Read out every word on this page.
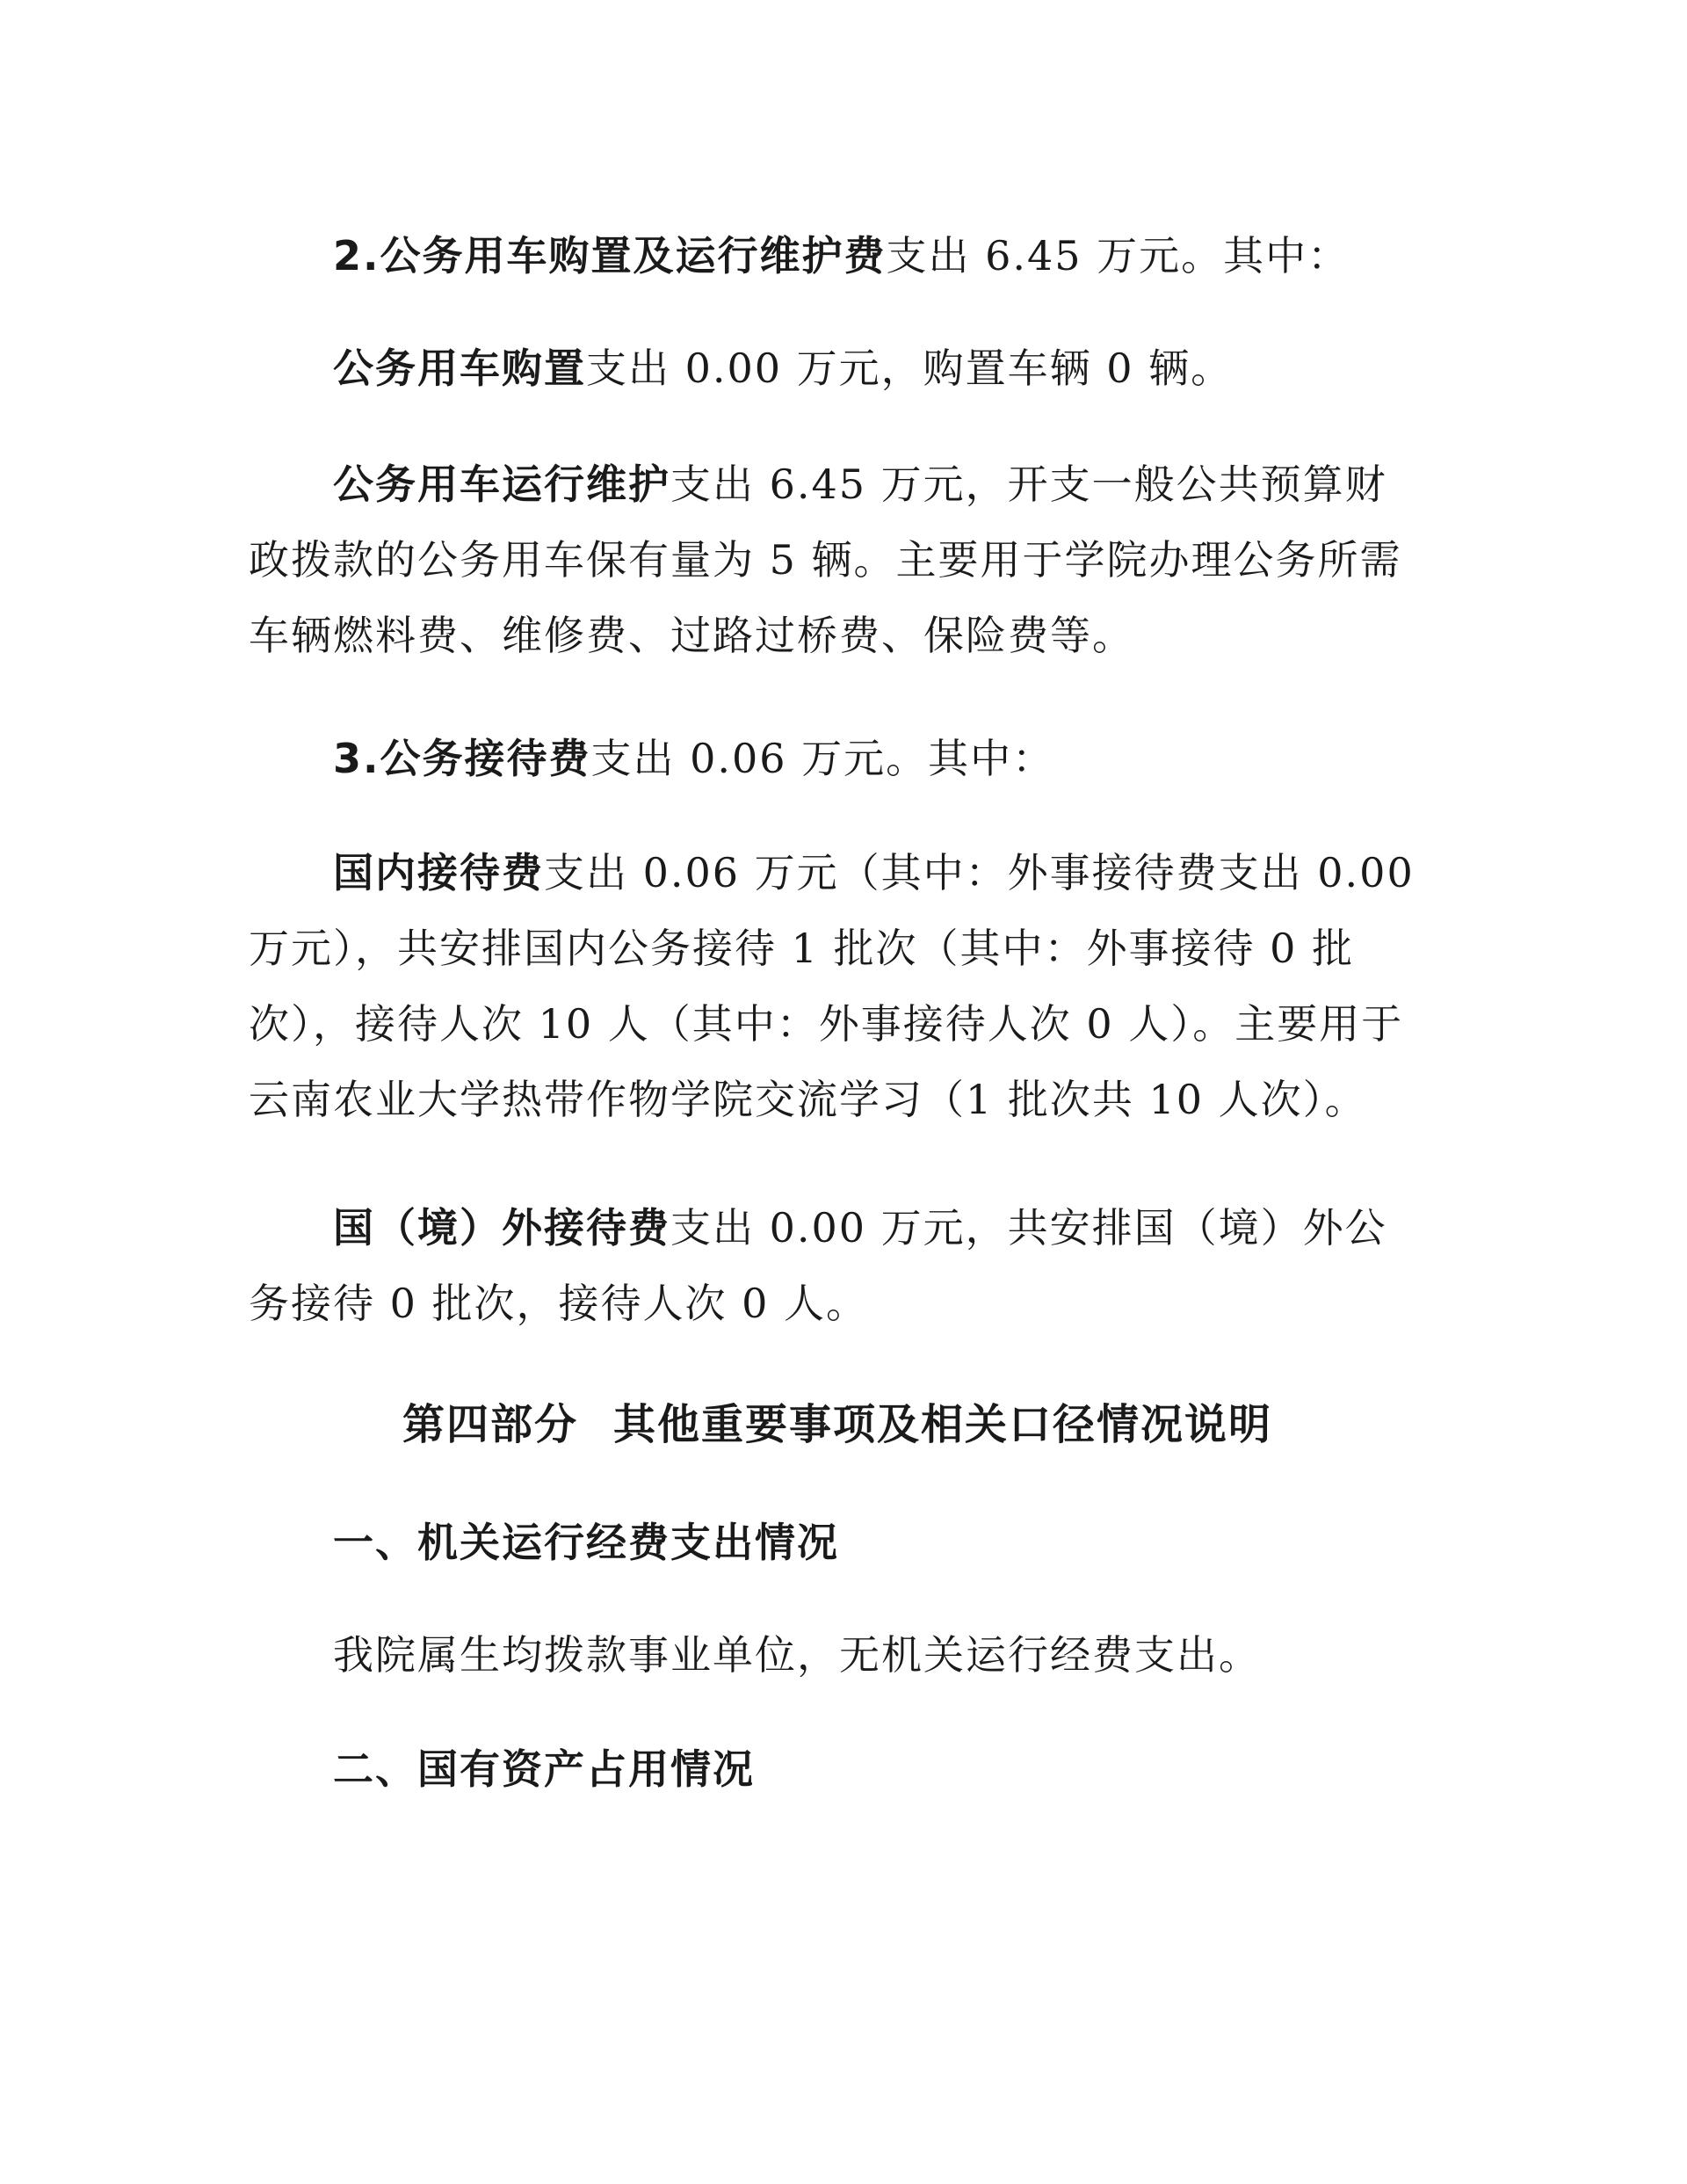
2.公务用车购置及运行维护费支出 6.45 万元。其中：

公务用车购置支出 0.00 万元，购置车辆 0 辆。

公务用车运行维护支出 6.45 万元，开支一般公共预算财政拨款的公务用车保有量为 5 辆。主要用于学院办理公务所需车辆燃料费、维修费、过路过桥费、保险费等。

3.公务接待费支出 0.06 万元。其中：

国内接待费支出 0.06 万元（其中：外事接待费支出 0.00 万元），共安排国内公务接待 1 批次（其中：外事接待 0 批次），接待人次 10 人（其中：外事接待人次 0 人）。主要用于云南农业大学热带作物学院交流学习（1 批次共 10 人次）。

国（境）外接待费支出 0.00 万元，共安排国（境）外公务接待 0 批次，接待人次 0 人。

第四部分 其他重要事项及相关口径情况说明
一、机关运行经费支出情况

我院属生均拨款事业单位，无机关运行经费支出。

二、国有资产占用情况
